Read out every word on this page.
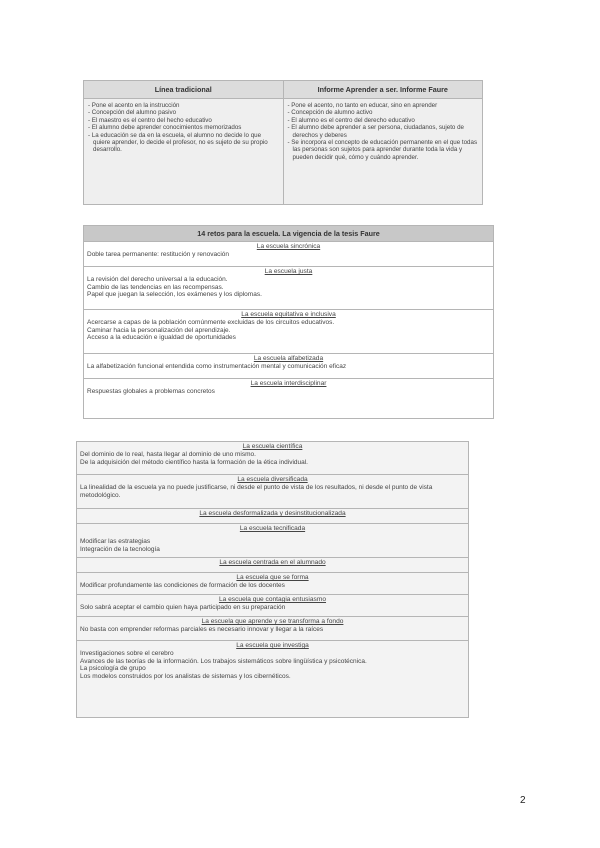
Línea tradicional	Informe Aprender a ser. Informe Faure
- Pone el acento en la instrucción
- Concepción del alumno pasivo
- El maestro es el centro del hecho educativo
- El alumno debe aprender conocimientos memorizados
- La educación se da en la escuela, el alumno no decide lo que quiere aprender, lo decide el profesor, no es sujeto de su propio desarrollo.
- Pone el acento, no tanto en educar, sino en aprender
- Concepción de alumno activo
- El alumno es el centro del derecho educativo
- El alumno debe aprender a ser persona, ciudadanos, sujeto de derechos y deberes
- Se incorpora el concepto de educación permanente en el que todas las personas son sujetos para aprender durante toda la vida y pueden decidir qué, cómo y cuándo aprender.
14 retos para la escuela. La vigencia de la tesis Faure
La escuela sincrónica
Doble tarea permanente: restitución y renovación
La escuela justa
La revisión del derecho universal a la educación.
Cambio de las tendencias en las recompensas.
Papel que juegan la selección, los exámenes y los diplomas.
La escuela equitativa e inclusiva
Acercarse a capas de la población comúnmente excluidas de los circuitos educativos.
Caminar hacia la personalización del aprendizaje.
Acceso a la educación e igualdad de oportunidades
La escuela alfabetizada
La alfabetización funcional entendida como instrumentación mental y comunicación eficaz
La escuela interdisciplinar
Respuestas globales a problemas concretos
La escuela científica
Del dominio de lo real, hasta llegar al dominio de uno mismo.
De la adquisición del método científico hasta la formación de la ética individual.
La escuela diversificada
La linealidad de la escuela ya no puede justificarse, ni desde el punto de vista de los resultados, ni desde el punto de vista metodológico.
La escuela desformalizada y desinstitucionalizada
La escuela tecnificada
Modificar las estrategias
Integración de la tecnología
La escuela centrada en el alumnado
La escuela que se forma
Modificar profundamente las condiciones de formación de los docentes
La escuela que contagia entusiasmo
Solo sabrá aceptar el cambio quien haya participado en su preparación
La escuela que aprende y se transforma a fondo
No basta con emprender reformas parciales es necesario innovar y llegar a la raíces
La escuela que investiga
Investigaciones sobre el cerebro
Avances de las teorías de la información. Los trabajos sistemáticos sobre lingüística y psicotécnica.
La psicología de grupo
Los modelos construidos por los analistas de sistemas y los cibernéticos.
2
